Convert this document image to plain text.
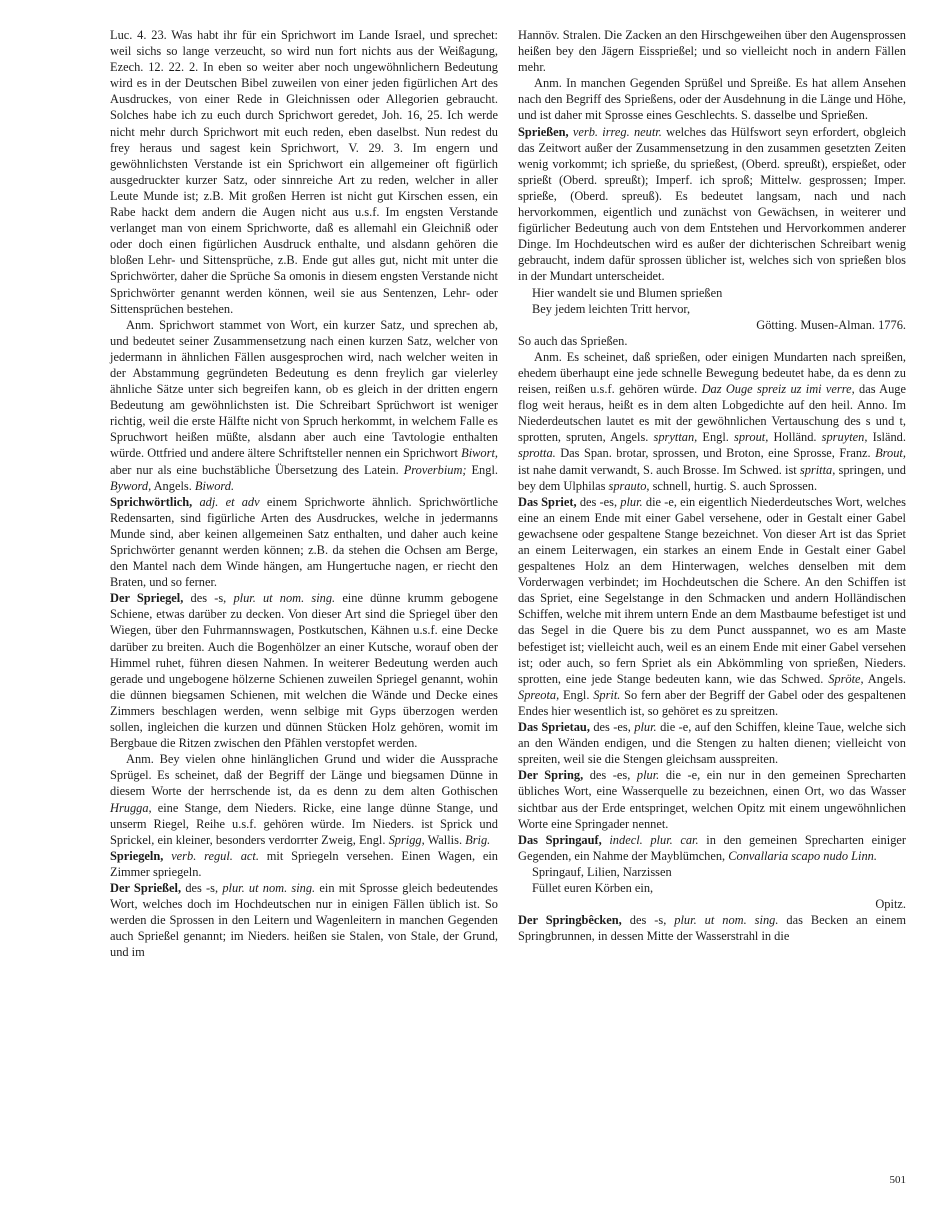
Luc. 4. 23. Was habt ihr für ein Sprichwort im Lande Israel, und sprechet: weil sichs so lange verzeucht, so wird nun fort nichts aus der Weißagung, Ezech. 12. 22. 2. In eben so weiter aber noch ungewöhnlichern Bedeutung wird es in der Deutschen Bibel zuweilen von einer jeden figürlichen Art des Ausdruckes, von einer Rede in Gleichnissen oder Allegorien gebraucht. Solches habe ich zu euch durch Sprichwort geredet, Joh. 16, 25. Ich werde nicht mehr durch Sprichwort mit euch reden, eben daselbst. Nun redest du frey heraus und sagest kein Sprichwort, V. 29. 3. Im engern und gewöhnlichsten Verstande ist ein Sprichwort ein allgemeiner oft figürlich ausgedruckter kurzer Satz, oder sinnreiche Art zu reden, welcher in aller Leute Munde ist; z.B. Mit großen Herren ist nicht gut Kirschen essen, ein Rabe hackt dem andern die Augen nicht aus u.s.f. Im engsten Verstande verlanget man von einem Sprichworte, daß es allemahl ein Gleichniß oder oder doch einen figürlichen Ausdruck enthalte, und alsdann gehören die bloßen Lehr- und Sittensprüche, z.B. Ende gut alles gut, nicht mit unter die Sprichwörter, daher die Sprüche Sa omonis in diesem engsten Verstande nicht Sprichwörter genannt werden können, weil sie aus Sentenzen, Lehr- oder Sittensprüchen bestehen.

Anm. Sprichwort stammet von Wort, ein kurzer Satz, und sprechen ab, und bedeutet seiner Zusammensetzung nach einen kurzen Satz, welcher von jedermann in ähnlichen Fällen ausgesprochen wird, nach welcher weiten in der Abstammung gegründeten Bedeutung es denn freylich gar vielerley ähnliche Sätze unter sich begreifen kann, ob es gleich in der dritten engern Bedeutung am gewöhnlichsten ist. Die Schreibart Sprüchwort ist weniger richtig, weil die erste Hälfte nicht von Spruch herkommt, in welchem Falle es Spruchwort heißen müßte, alsdann aber auch eine Tavtologie enthalten würde. Ottfried und andere ältere Schriftsteller nennen ein Sprichwort Biwort, aber nur als eine buchstäbliche Übersetzung des Latein. Proverbium; Engl. Byword, Angels. Biword.

Sprichwörtlich, adj. et adv einem Sprichworte ähnlich. Sprichwörtliche Redensarten, sind figürliche Arten des Ausdruckes, welche in jedermanns Munde sind, aber keinen allgemeinen Satz enthalten, und daher auch keine Sprichwörter genannt werden können; z.B. da stehen die Ochsen am Berge, den Mantel nach dem Winde hängen, am Hungertuche nagen, er riecht den Braten, und so ferner.

Der Spriegel, des -s, plur. ut nom. sing. eine dünne krumm gebogene Schiene, etwas darüber zu decken. Von dieser Art sind die Spriegel über den Wiegen, über den Fuhrmannswagen, Postkutschen, Kähnen u.s.f. eine Decke darüber zu breiten. Auch die Bogenhölzer an einer Kutsche, worauf oben der Himmel ruhet, führen diesen Nahmen. In weiterer Bedeutung werden auch gerade und ungebogene hölzerne Schienen zuweilen Spriegel genannt, wohin die dünnen biegsamen Schienen, mit welchen die Wände und Decke eines Zimmers beschlagen werden, wenn selbige mit Gyps überzogen werden sollen, ingleichen die kurzen und dünnen Stücken Holz gehören, womit im Bergbaue die Ritzen zwischen den Pfählen verstopfet werden.

Anm. Bey vielen ohne hinlänglichen Grund und wider die Aussprache Sprügel. Es scheinet, daß der Begriff der Länge und biegsamen Dünne in diesem Worte der herrschende ist, da es denn zu dem alten Gothischen Hrugga, eine Stange, dem Nieders. Ricke, eine lange dünne Stange, und unserm Riegel, Reihe u.s.f. gehören würde. Im Nieders. ist Sprick und Sprickel, ein kleiner, besonders verdorrter Zweig, Engl. Sprigg, Wallis. Brig.

Spriegeln, verb. regul. act. mit Spriegeln versehen. Einen Wagen, ein Zimmer spriegeln.

Der Sprießel, des -s, plur. ut nom. sing. ein mit Sprosse gleich bedeutendes Wort, welches doch im Hochdeutschen nur in einigen Fällen üblich ist. So werden die Sprossen in den Leitern und Wagenleitern in manchen Gegenden auch Sprießel genannt; im Nieders. heißen sie Stalen, von Stale, der Grund, und im

Hannöv. Stralen. Die Zacken an den Hirschgeweihen über den Augensprossen heißen bey den Jägern Eissprießel; und so vielleicht noch in andern Fällen mehr.

Anm. In manchen Gegenden Sprüßel und Spreiße. Es hat allem Ansehen nach den Begriff des Sprießens, oder der Ausdehnung in die Länge und Höhe, und ist daher mit Sprosse eines Geschlechts. S. dasselbe und Sprießen.

Sprießen, verb. irreg. neutr. welches das Hülfswort seyn erfordert, obgleich das Zeitwort außer der Zusammensetzung in den zusammen gesetzten Zeiten wenig vorkommt; ich sprieße, du sprießest, (Oberd. spreußt), erspießet, oder sprießt (Oberd. spreußt); Imperf. ich sproß; Mittelw. gesprossen; Imper. sprieße, (Oberd. spreuß). Es bedeutet langsam, nach und nach hervorkommen, eigentlich und zunächst von Gewächsen, in weiterer und figürlicher Bedeutung auch von dem Entstehen und Hervorkommen anderer Dinge. Im Hochdeutschen wird es außer der dichterischen Schreibart wenig gebraucht, indem dafür sprossen üblicher ist, welches sich von sprießen blos in der Mundart unterscheidet.

Hier wandelt sie und Blumen sprießen

Bey jedem leichten Tritt hervor,

Götting. Musen-Alman. 1776.

So auch das Sprießen.

Anm. Es scheinet, daß sprießen, oder einigen Mundarten nach spreißen, ehedem überhaupt eine jede schnelle Bewegung bedeutet habe, da es denn zu reisen, reißen u.s.f. gehören würde. Daz Ouge spreiz uz imi verre, das Auge flog weit heraus, heißt es in dem alten Lobgedichte auf den heil. Anno. Im Niederdeutschen lautet es mit der gewöhnlichen Vertauschung des s und t, sprotten, spruten, Angels. spryttan, Engl. sprout, Holländ. spruyten, Isländ. sprotta. Das Span. brotar, sprossen, und Broton, eine Sprosse, Franz. Brout, ist nahe damit verwandt, S. auch Brosse. Im Schwed. ist spritta, springen, und bey dem Ulphilas sprauto, schnell, hurtig. S. auch Sprossen.

Das Spriet, des -es, plur. die -e, ein eigentlich Niederdeutsches Wort, welches eine an einem Ende mit einer Gabel versehene, oder in Gestalt einer Gabel gewachsene oder gespaltene Stange bezeichnet. Von dieser Art ist das Spriet an einem Leiterwagen, ein starkes an einem Ende in Gestalt einer Gabel gespaltenes Holz an dem Hinterwagen, welches denselben mit dem Vorderwagen verbindet; im Hochdeutschen die Schere. An den Schiffen ist das Spriet, eine Segelstange in den Schmacken und andern Holländischen Schiffen, welche mit ihrem untern Ende an dem Mastbaume befestiget ist und das Segel in die Quere bis zu dem Punct ausspannet, wo es am Maste befestiget ist; vielleicht auch, weil es an einem Ende mit einer Gabel versehen ist; oder auch, so fern Spriet als ein Abkömmling von sprießen, Nieders. sprotten, eine jede Stange bedeuten kann, wie das Schwed. Spröte, Angels. Spreota, Engl. Sprit. So fern aber der Begriff der Gabel oder des gespaltenen Endes hier wesentlich ist, so gehöret es zu spreitzen.

Das Sprietau, des -es, plur. die -e, auf den Schiffen, kleine Taue, welche sich an den Wänden endigen, und die Stengen zu halten dienen; vielleicht von spreiten, weil sie die Stengen gleichsam ausspreiten.

Der Spring, des -es, plur. die -e, ein nur in den gemeinen Sprecharten übliches Wort, eine Wasserquelle zu bezeichnen, einen Ort, wo das Wasser sichtbar aus der Erde entspringet, welchen Opitz mit einem ungewöhnlichen Worte eine Springader nennet.

Das Springauf, indecl. plur. car. in den gemeinen Sprecharten einiger Gegenden, ein Nahme der Mayblümchen, Convallaria scapo nudo Linn.

Springauf, Lilien, Narzissen

Füllet euren Körben ein,

Opitz.

Der Springbêcken, des -s, plur. ut nom. sing. das Becken an einem Springbrunnen, in dessen Mitte der Wasserstrahl in die

501
